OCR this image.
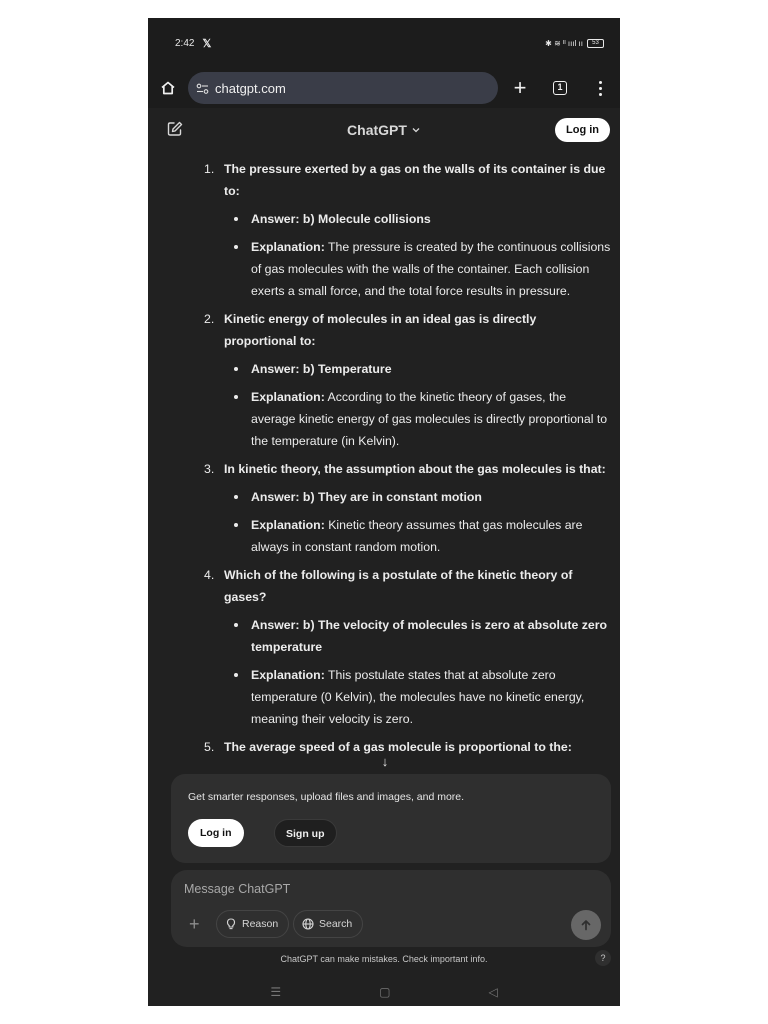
2:42 𝕏	✱ ≋ ᴵᴵ ıııl ıı	53
chatgpt.com	+	1
ChatGPT	Log in
1. The pressure exerted by a gas on the walls of its container is due to:
Answer: b) Molecule collisions
Explanation: The pressure is created by the continuous collisions of gas molecules with the walls of the container. Each collision exerts a small force, and the total force results in pressure.
2. Kinetic energy of molecules in an ideal gas is directly proportional to:
Answer: b) Temperature
Explanation: According to the kinetic theory of gases, the average kinetic energy of gas molecules is directly proportional to the temperature (in Kelvin).
3. In kinetic theory, the assumption about the gas molecules is that:
Answer: b) They are in constant motion
Explanation: Kinetic theory assumes that gas molecules are always in constant random motion.
4. Which of the following is a postulate of the kinetic theory of gases?
Answer: b) The velocity of molecules is zero at absolute zero temperature
Explanation: This postulate states that at absolute zero temperature (0 Kelvin), the molecules have no kinetic energy, meaning their velocity is zero.
5. The average speed of a gas molecule is proportional to the:
↓
Get smarter responses, upload files and images, and more.
Log in	Sign up
Message ChatGPT
+	Reason	Search
ChatGPT can make mistakes. Check important info.	?
☰	▢	◁
